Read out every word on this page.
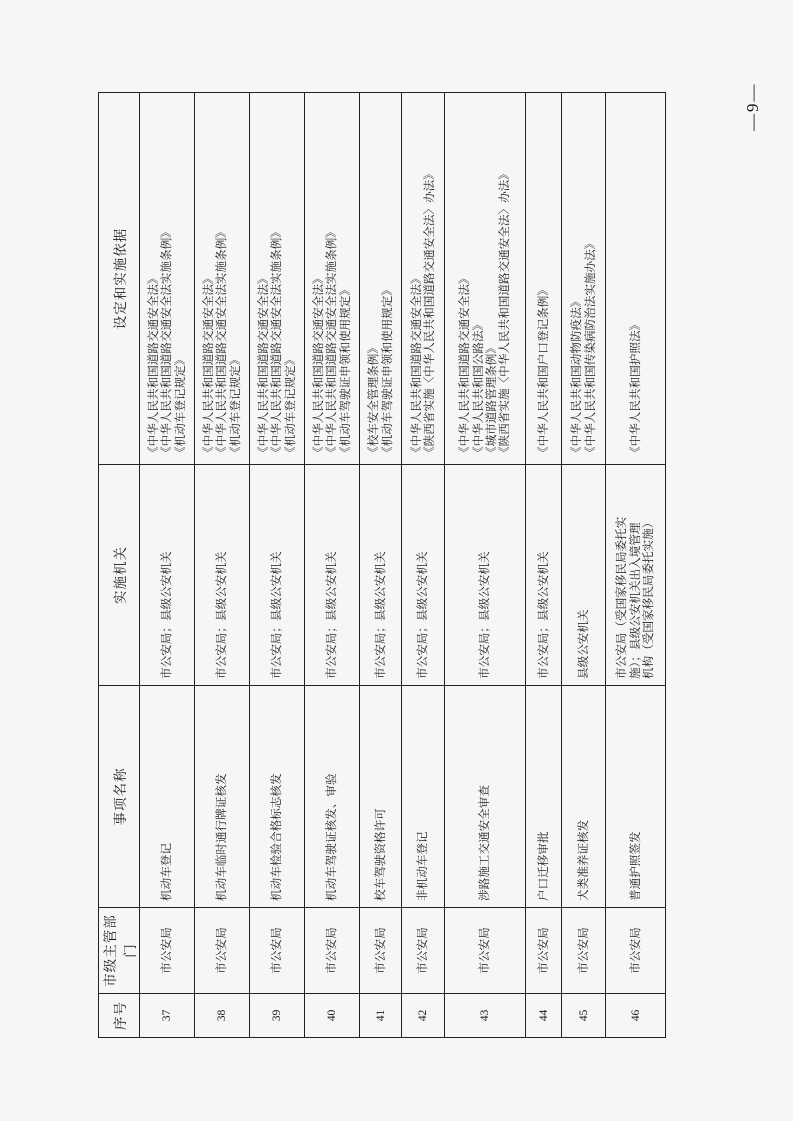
序号	市级主管部门	事项名称	实施机关	设定和实施依据
37	市公安局	机动车登记	市公安局；县级公安机关	《中华人民共和国道路交通安全法》 《中华人民共和国道路交通安全法实施条例》 《机动车登记规定》

38	市公安局	机动车临时通行牌证核发	市公安局；县级公安机关	《中华人民共和国道路交通安全法》 《中华人民共和国道路交通安全法实施条例》 《机动车登记规定》

39	市公安局	机动车检验合格标志核发	市公安局；县级公安机关	《中华人民共和国道路交通安全法》 《中华人民共和国道路交通安全法实施条例》 《机动车登记规定》

40	市公安局	机动车驾驶证核发、审验	市公安局；县级公安机关	《中华人民共和国道路交通安全法》 《中华人民共和国道路交通安全法实施条例》 《机动车驾驶证申领和使用规定》

41	市公安局	校车驾驶资格许可	市公安局；县级公安机关	《校车安全管理条例》 《机动车驾驶证申领和使用规定》

42	市公安局	非机动车登记	市公安局；县级公安机关	《中华人民共和国道路交通安全法》 《陕西省实施〈中华人民共和国道路交通安全法〉办法》

43	市公安局	涉路施工交通安全审查	市公安局；县级公安机关	《中华人民共和国道路交通安全法》 《中华人民共和国公路法》 《城市道路管理条例》 《陕西省实施〈中华人民共和国道路交通安全法〉办法》

44	市公安局	户口迁移审批	市公安局；县级公安机关	《中华人民共和国户口登记条例》

45	市公安局	犬类准养证核发	县级公安机关	《中华人民共和国动物防疫法》 《中华人民共和国传染病防治法实施办法》

46	市公安局	普通护照签发	市公安局（受国家移民局委托实 施）；县级公安机关出入境管理 机构（受国家移民局委托实施）	《中华人民共和国护照法》
—9—
